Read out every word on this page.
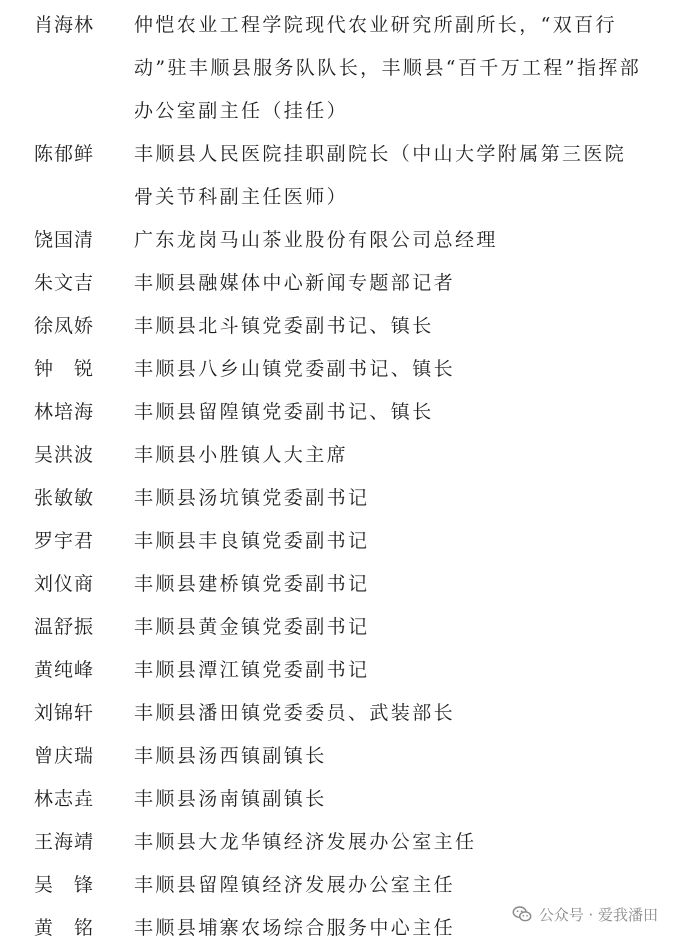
肖海林	仲恺农业工程学院现代农业研究所副所长，“双百行动”驻丰顺县服务队队长，丰顺县“百千万工程”指挥部办公室副主任（挂任）
陈郁鲜	丰顺县人民医院挂职副院长（中山大学附属第三医院骨关节科副主任医师）
饶国清	广东龙岗马山茶业股份有限公司总经理
朱文吉	丰顺县融媒体中心新闻专题部记者
徐凤娇	丰顺县北斗镇党委副书记、镇长
钟　锐	丰顺县八乡山镇党委副书记、镇长
林培海	丰顺县留隍镇党委副书记、镇长
吴洪波	丰顺县小胜镇人大主席
张敏敏	丰顺县汤坑镇党委副书记
罗宇君	丰顺县丰良镇党委副书记
刘仪商	丰顺县建桥镇党委副书记
温舒振	丰顺县黄金镇党委副书记
黄纯峰	丰顺县潭江镇党委副书记
刘锦轩	丰顺县潘田镇党委委员、武装部长
曾庆瑞	丰顺县汤西镇副镇长
林志垚	丰顺县汤南镇副镇长
王海靖	丰顺县大龙华镇经济发展办公室主任
吴　锋	丰顺县留隍镇经济发展办公室主任
黄　铭	丰顺县埔寨农场综合服务中心主任
公众号 · 爱我潘田
